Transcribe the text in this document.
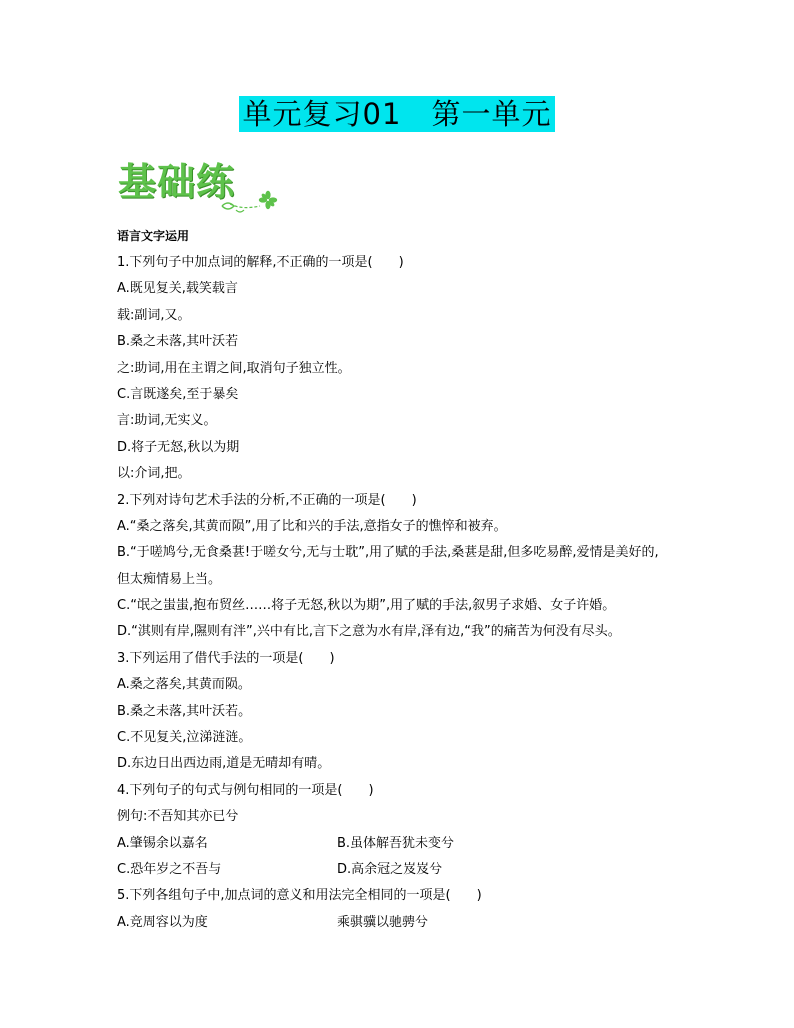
单元复习01　第一单元
基础练
语言文字运用
1.下列句子中加点词的解释,不正确的一项是(　　)
A.既见复关,载笑载言
载:副词,又。
B.桑之未落,其叶沃若
之:助词,用在主谓之间,取消句子独立性。
C.言既遂矣,至于暴矣
言:助词,无实义。
D.将子无怒,秋以为期
以:介词,把。
2.下列对诗句艺术手法的分析,不正确的一项是(　　)
A.“桑之落矣,其黄而陨”,用了比和兴的手法,意指女子的憔悴和被弃。
B.“于嗟鸠兮,无食桑葚!于嗟女兮,无与士耽”,用了赋的手法,桑葚是甜,但多吃易醉,爱情是美好的,
但太痴情易上当。
C.“氓之蚩蚩,抱布贸丝……将子无怒,秋以为期”,用了赋的手法,叙男子求婚、女子许婚。
D.“淇则有岸,隰则有泮”,兴中有比,言下之意为水有岸,泽有边,“我”的痛苦为何没有尽头。
3.下列运用了借代手法的一项是(　　)
A.桑之落矣,其黄而陨。
B.桑之未落,其叶沃若。
C.不见复关,泣涕涟涟。
D.东边日出西边雨,道是无晴却有晴。
4.下列句子的句式与例句相同的一项是(　　)
例句:不吾知其亦已兮
A.肇锡余以嘉名	B.虽体解吾犹未变兮
C.恐年岁之不吾与	D.高余冠之岌岌兮
5.下列各组句子中,加点词的意义和用法完全相同的一项是(　　)
A.竞周容以为度	乘骐骥以驰骋兮
